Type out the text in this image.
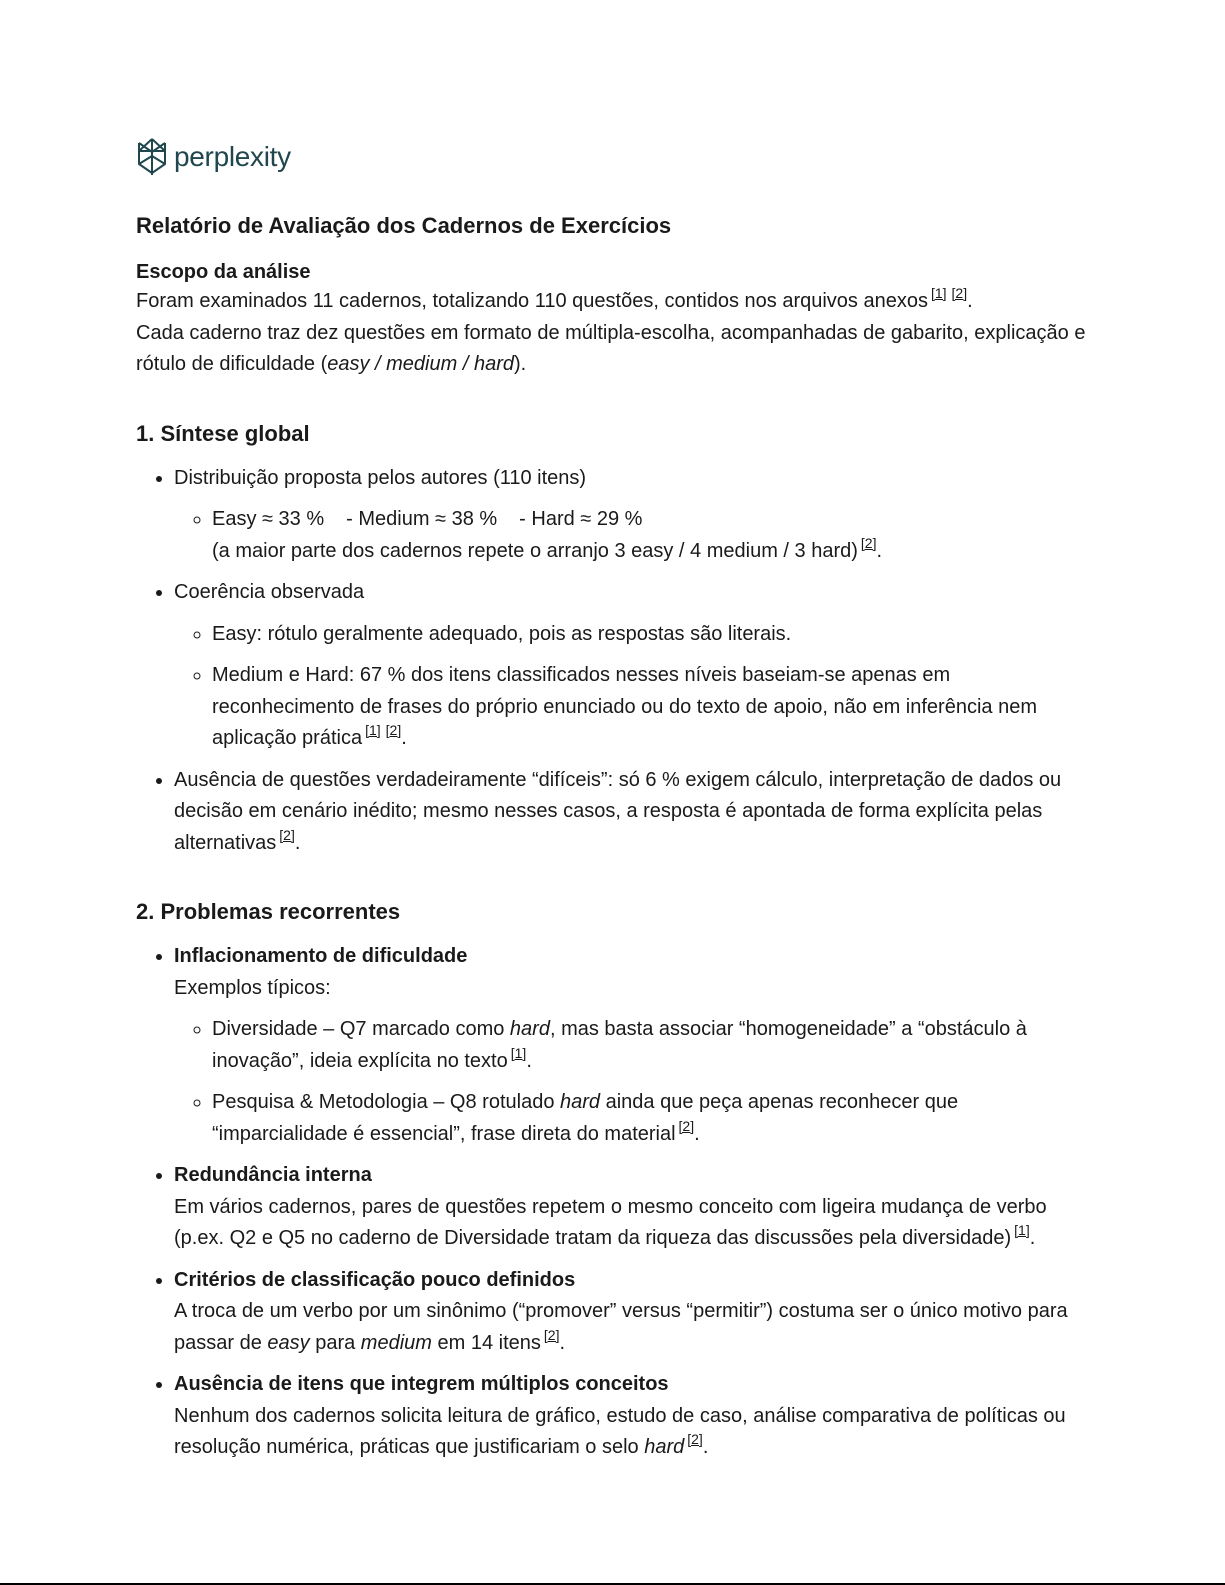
perplexity
Relatório de Avaliação dos Cadernos de Exercícios
Escopo da análise

Foram examinados 11 cadernos, totalizando 110 questões, contidos nos arquivos anexos [1] [2].
Cada caderno traz dez questões em formato de múltipla-escolha, acompanhadas de gabarito, explicação e rótulo de dificuldade (easy / medium / hard).

1. Síntese global
• Distribuição proposta pelos autores (110 itens)
◦ Easy ≈ 33 % - Medium ≈ 38 % - Hard ≈ 29 %
(a maior parte dos cadernos repete o arranjo 3 easy / 4 medium / 3 hard) [2].
• Coerência observada
◦ Easy: rótulo geralmente adequado, pois as respostas são literais.
◦ Medium e Hard: 67 % dos itens classificados nesses níveis baseiam-se apenas em reconhecimento de frases do próprio enunciado ou do texto de apoio, não em inferência nem aplicação prática [1] [2].
• Ausência de questões verdadeiramente “difíceis”: só 6 % exigem cálculo, interpretação de dados ou decisão em cenário inédito; mesmo nesses casos, a resposta é apontada de forma explícita pelas alternativas [2].
2. Problemas recorrentes
• Inflacionamento de dificuldade
Exemplos típicos:
◦ Diversidade – Q7 marcado como hard, mas basta associar “homogeneidade” a “obstáculo à inovação”, ideia explícita no texto [1].
◦ Pesquisa & Metodologia – Q8 rotulado hard ainda que peça apenas reconhecer que “imparcialidade é essencial”, frase direta do material [2].
• Redundância interna
Em vários cadernos, pares de questões repetem o mesmo conceito com ligeira mudança de verbo (p.ex. Q2 e Q5 no caderno de Diversidade tratam da riqueza das discussões pela diversidade) [1].
• Critérios de classificação pouco definidos
A troca de um verbo por um sinônimo (“promover” versus “permitir”) costuma ser o único motivo para passar de easy para medium em 14 itens [2].
• Ausência de itens que integrem múltiplos conceitos
Nenhum dos cadernos solicita leitura de gráfico, estudo de caso, análise comparativa de políticas ou resolução numérica, práticas que justificariam o selo hard [2].
